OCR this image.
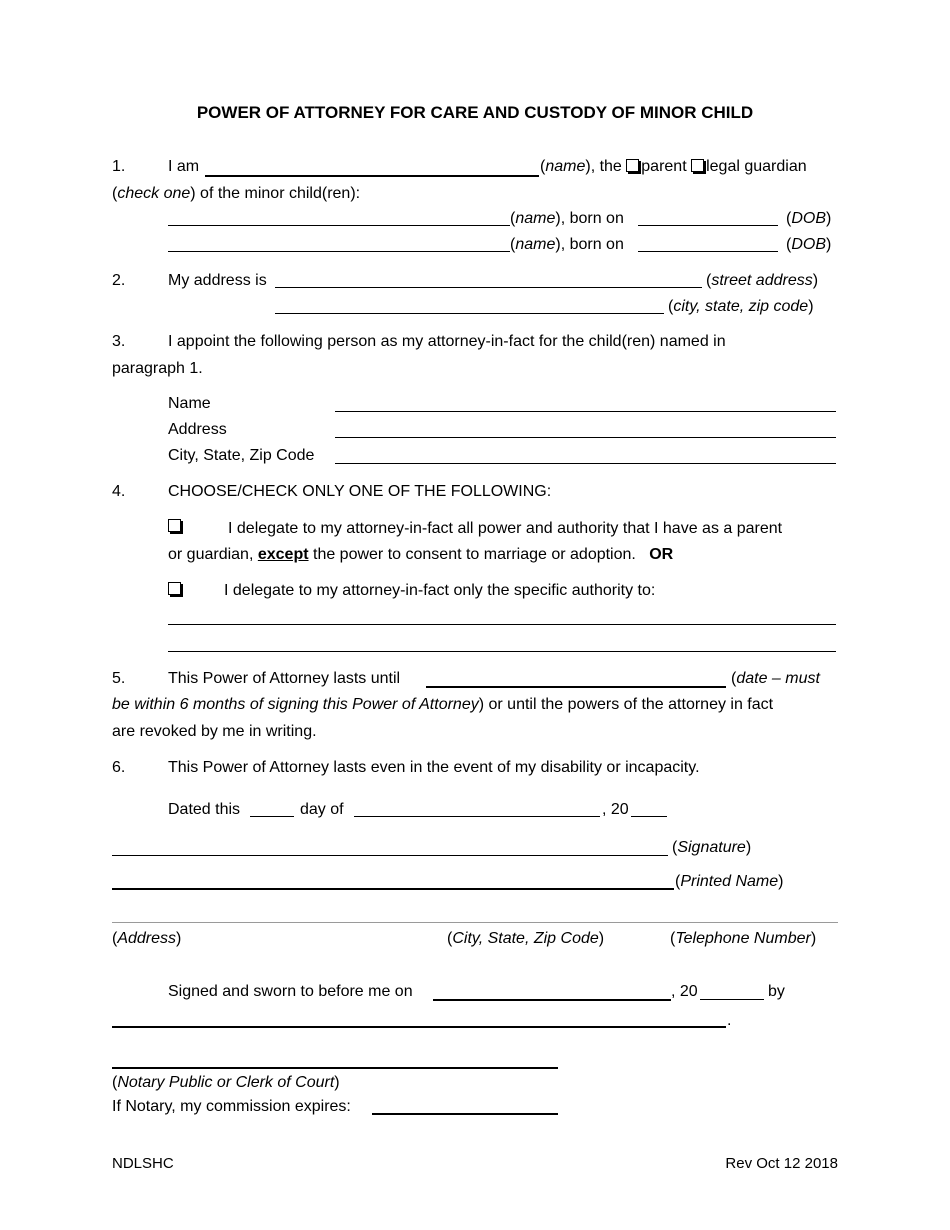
POWER OF ATTORNEY FOR CARE AND CUSTODY OF MINOR CHILD
1.	I am	(name), the parent legal guardian
(check one) of the minor child(ren):
(name), born on	(DOB)
(name), born on	(DOB)
2.	My address is	(street address)
(city, state, zip code)
3.	I appoint the following person as my attorney-in-fact for the child(ren) named in
paragraph 1.
Name
Address
City, State, Zip Code
4.	CHOOSE/CHECK ONLY ONE OF THE FOLLOWING:
I delegate to my attorney-in-fact all power and authority that I have as a parent
or guardian, except the power to consent to marriage or adoption. OR
I delegate to my attorney-in-fact only the specific authority to:
5.	This Power of Attorney lasts until	(date – must
be within 6 months of signing this Power of Attorney) or until the powers of the attorney in fact
are revoked by me in writing.
6.	This Power of Attorney lasts even in the event of my disability or incapacity.
Dated this	day of	, 20
(Signature)
(Printed Name)
(Address)	(City, State, Zip Code)	(Telephone Number)
Signed and sworn to before me on	, 20	by
.
(Notary Public or Clerk of Court)
If Notary, my commission expires:
NDLSHC	Rev Oct 12 2018
